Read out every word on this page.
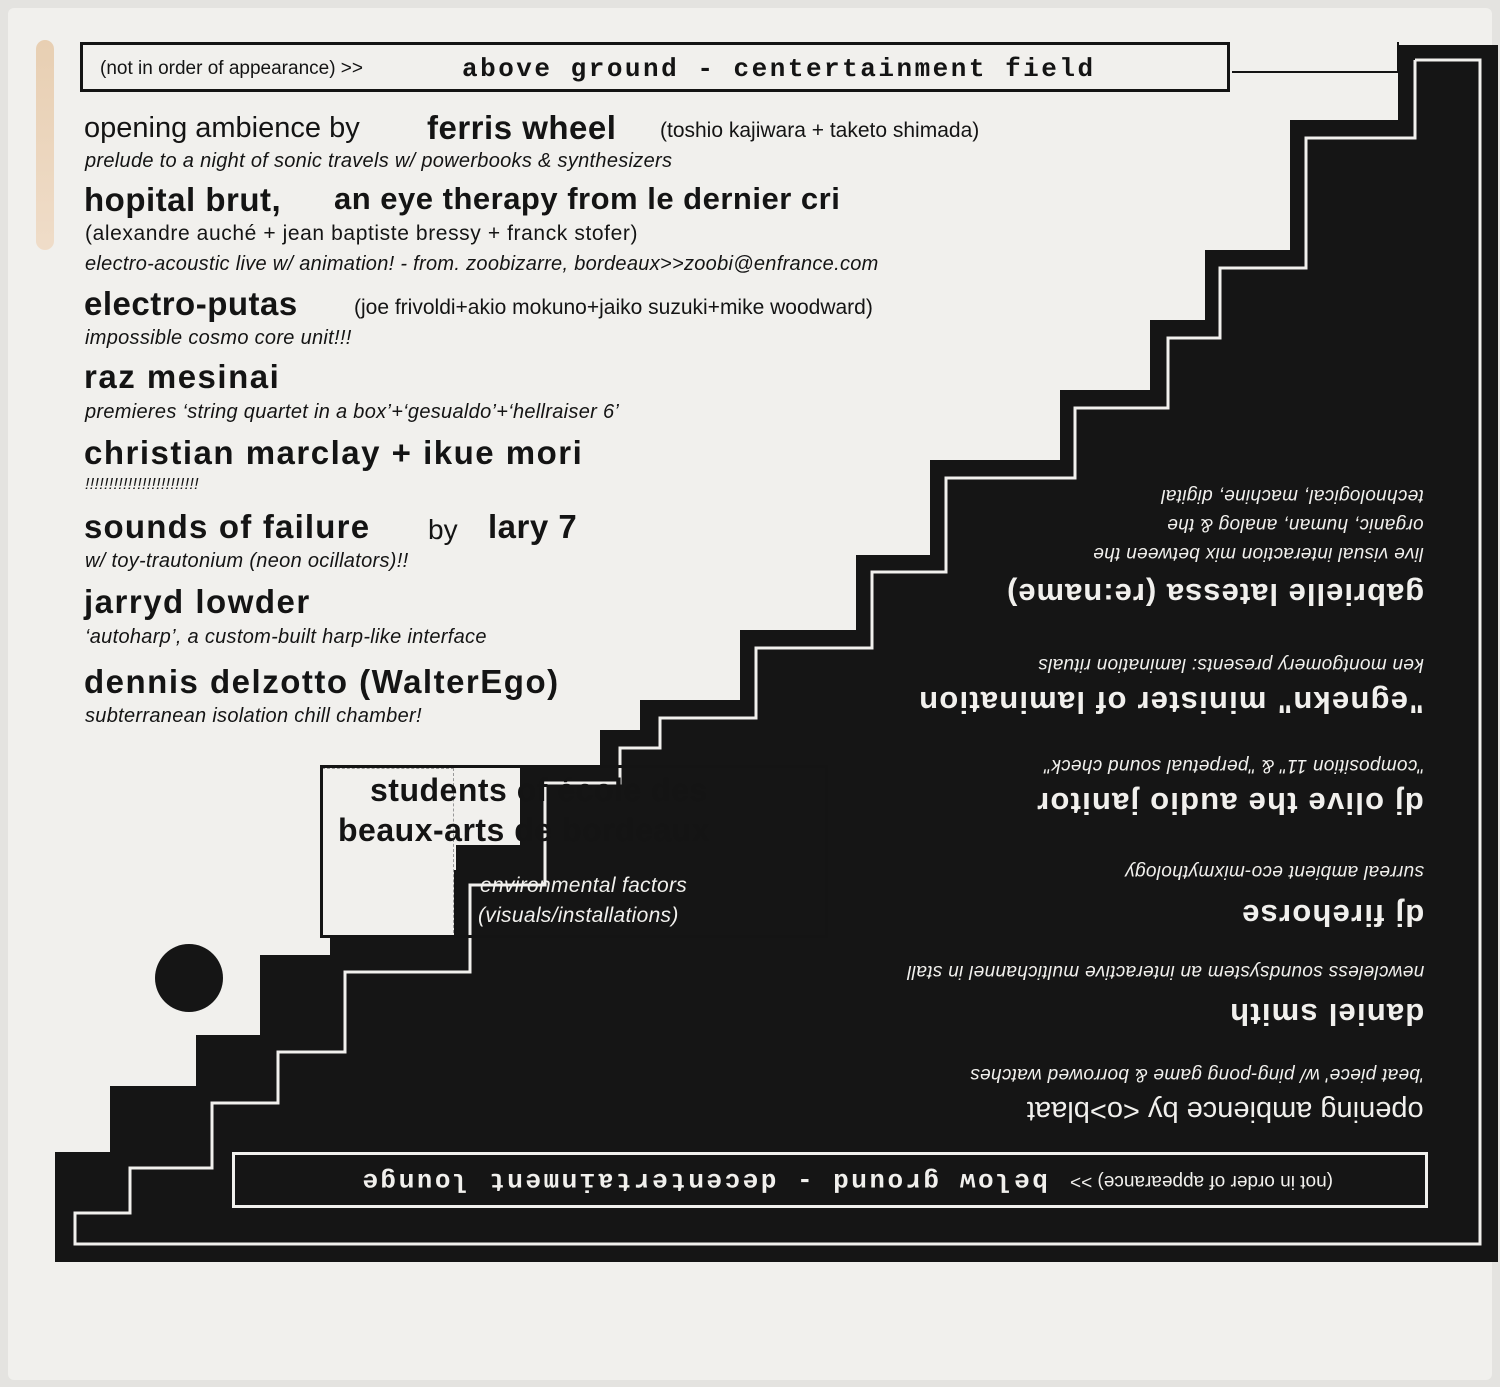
(not in order of appearance) >>	above ground - centertainment field
opening ambience by ferris wheel (toshio kajiwara + taketo shimada)
prelude to a night of sonic travels w/ powerbooks & synthesizers
hopital brut, an eye therapy from le dernier cri
(alexandre auché + jean baptiste bressy + franck stofer)
electro-acoustic live w/ animation! - from. zoobizarre, bordeaux>>zoobi@enfrance.com
electro-putas	(joe frivoldi+akio mokuno+jaiko suzuki+mike woodward)
impossible cosmo core unit!!!
raz mesinai
premieres ‘string quartet in a box’+‘gesualdo’+‘hellraiser 6’
christian marclay + ikue mori
!!!!!!!!!!!!!!!!!!!!!!!!
sounds of failure by lary 7
w/ toy-trautonium (neon ocillators)!!
jarryd lowder
‘autoharp’, a custom-built harp-like interface
dennis delzotto (WalterEgo)
subterranean isolation chill chamber!
students of école des
beaux-arts de bordeaux
environmental factors
(visuals/installations)
technological, machine, digital
organic, human, analog & the
live visual interaction mix between the
gabrielle latessa (re:name)
ken montgomery presents: lamination rituals
"egnekn" minister of lamination
"composition 11" & "perpetual sound check"
dj olive the audio janitor
surreal ambient eco-mixmythology
dj firehorse
newcleless soundsystem an interactive multichannel in stall
daniel smith
'beat piece' w/ ping-pong game & borrowed watches
opening ambience by <o>blaat
(not in order of appearance) >>
below ground - decentertainment lounge
